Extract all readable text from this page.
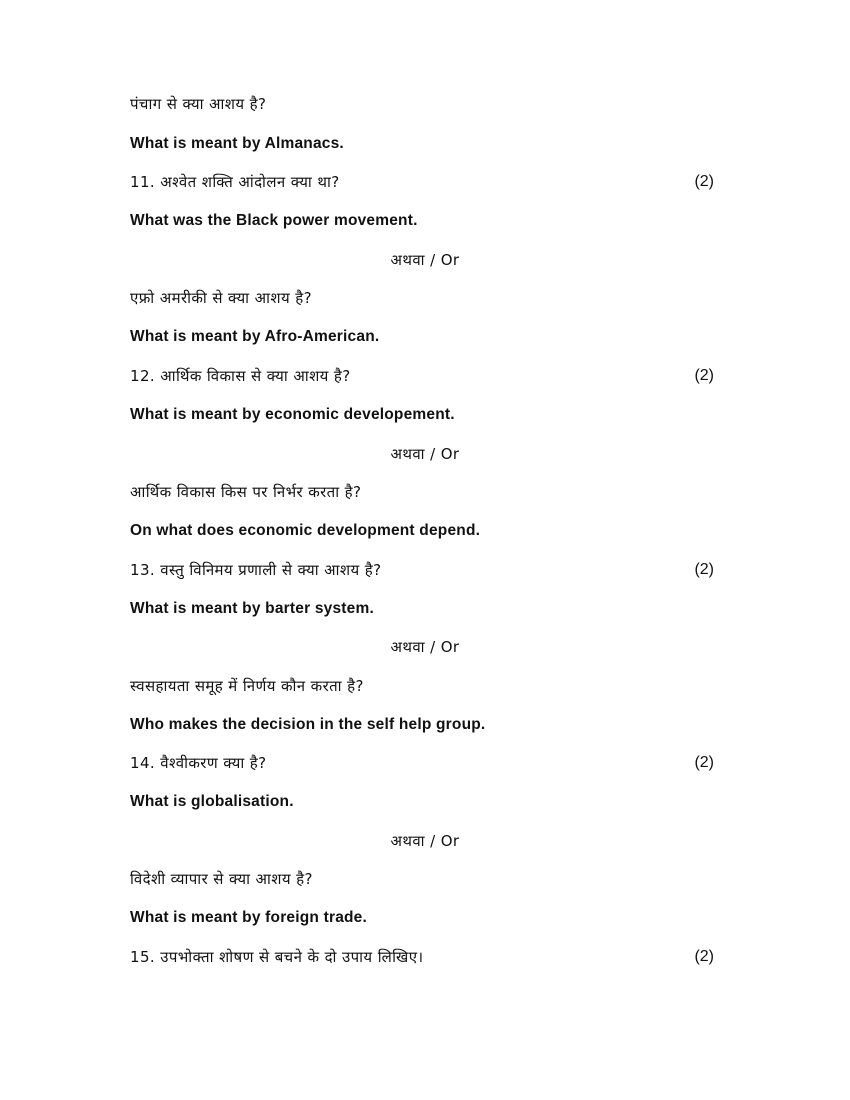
पंचाग से क्या आशय है?
What is meant by Almanacs.
11. अश्वेत शक्ति आंदोलन क्या था?	(2)
What was the Black power movement.
अथवा / Or
एफ्रो अमरीकी से क्या आशय है?
What is meant by Afro-American.
12. आर्थिक विकास से क्या आशय है?	(2)
What is meant by economic developement.
अथवा / Or
आर्थिक विकास किस पर निर्भर करता है?
On what does economic development depend.
13. वस्तु विनिमय प्रणाली से क्या आशय है?	(2)
What is meant by barter system.
अथवा / Or
स्वसहायता समूह में निर्णय कौन करता है?
Who makes the decision in the self help group.
14. वैश्वीकरण क्या है?	(2)
What is globalisation.
अथवा / Or
विदेशी व्यापार से क्या आशय है?
What is meant by foreign trade.
15. उपभोक्ता शोषण से बचने के दो उपाय लिखिए।	(2)
